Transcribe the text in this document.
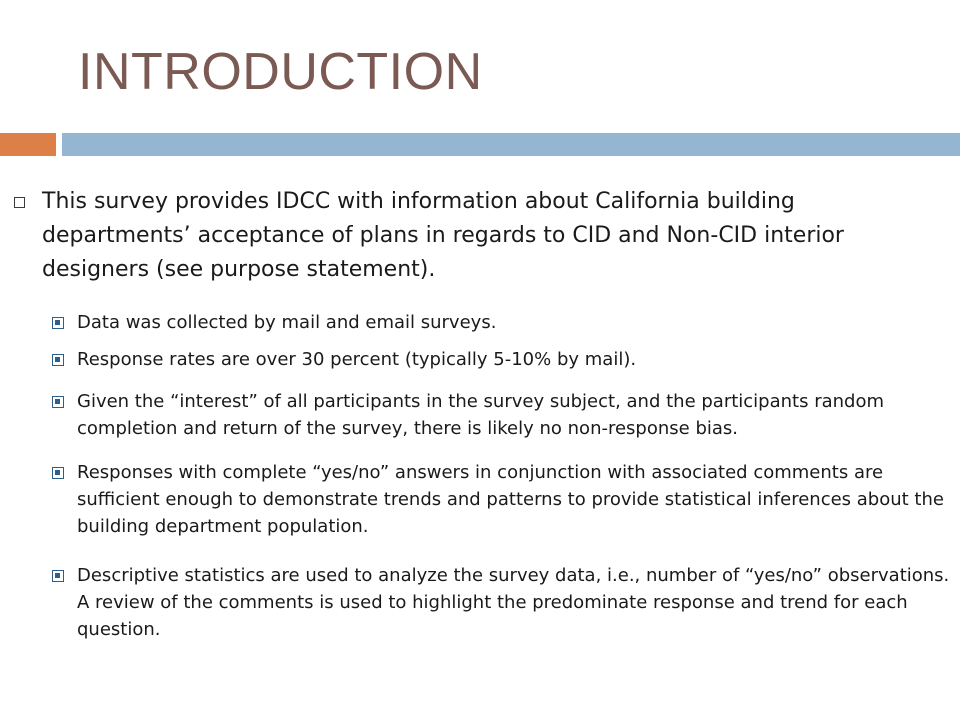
INTRODUCTION

This survey provides IDCC with information about California building departments’ acceptance of plans in regards to CID and Non-CID interior designers (see purpose statement).

Data was collected by mail and email surveys.

Response rates are over 30 percent (typically 5-10% by mail).

Given the “interest” of all participants in the survey subject, and the participants random completion and return of the survey, there is likely no non-response bias.

Responses with complete “yes/no” answers in conjunction with associated comments are sufficient enough to demonstrate trends and patterns to provide statistical inferences about the building department population.

Descriptive statistics are used to analyze the survey data, i.e., number of “yes/no” observations. A review of the comments is used to highlight the predominate response and trend for each question.
